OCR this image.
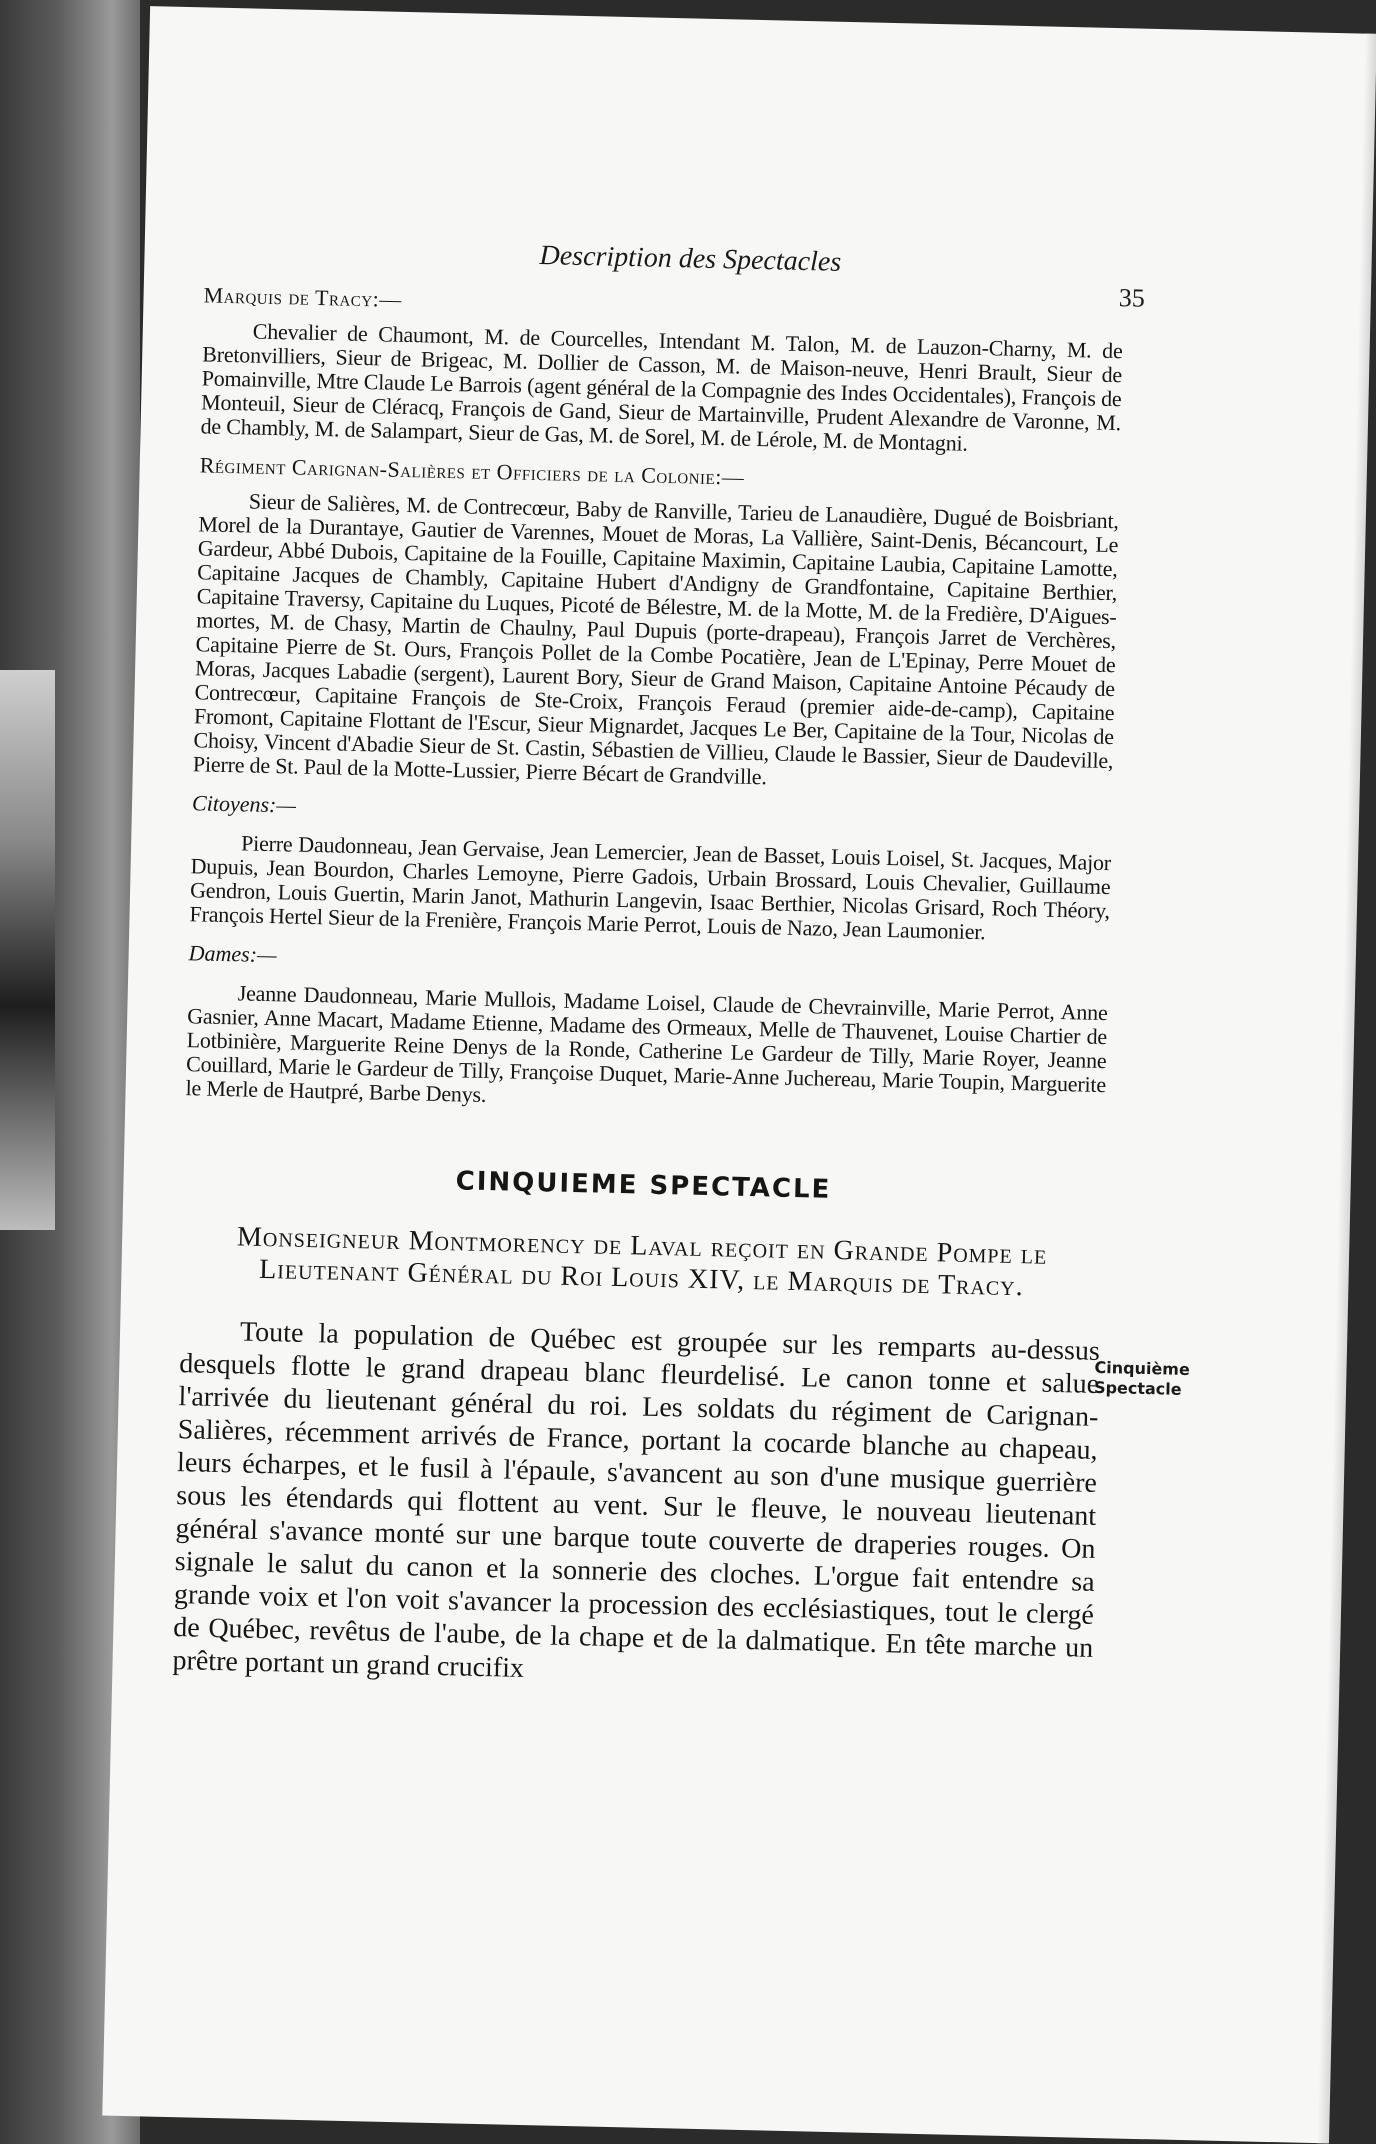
Description des Spectacles
35
Cinquième
Spectacle
Marquis de Tracy:—

Chevalier de Chaumont, M. de Courcelles, Intendant M. Talon, M. de Lauzon-Charny, M. de Bretonvilliers, Sieur de Brigeac, M. Dollier de Casson, M. de Maison-neuve, Henri Brault, Sieur de Pomainville, Mtre Claude Le Barrois (agent général de la Compagnie des Indes Occidentales), François de Monteuil, Sieur de Cléracq, François de Gand, Sieur de Martainville, Prudent Alexandre de Varonne, M. de Chambly, M. de Salampart, Sieur de Gas, M. de Sorel, M. de Lérole, M. de Montagni.

Régiment Carignan-Salières et Officiers de la Colonie:—

Sieur de Salières, M. de Contrecœur, Baby de Ranville, Tarieu de Lanaudière, Dugué de Boisbriant, Morel de la Durantaye, Gautier de Varennes, Mouet de Moras, La Vallière, Saint-Denis, Bécancourt, Le Gardeur, Abbé Dubois, Capitaine de la Fouille, Capitaine Maximin, Capitaine Laubia, Capitaine Lamotte, Capitaine Jacques de Chambly, Capitaine Hubert d'Andigny de Grandfontaine, Capitaine Berthier, Capitaine Traversy, Capitaine du Luques, Picoté de Bélestre, M. de la Motte, M. de la Fredière, D'Aigues-mortes, M. de Chasy, Martin de Chaulny, Paul Dupuis (porte-drapeau), François Jarret de Verchères, Capitaine Pierre de St. Ours, François Pollet de la Combe Pocatière, Jean de L'Epinay, Perre Mouet de Moras, Jacques Labadie (sergent), Laurent Bory, Sieur de Grand Maison, Capitaine Antoine Pécaudy de Contrecœur, Capitaine François de Ste-Croix, François Feraud (premier aide-de-camp), Capitaine Fromont, Capitaine Flottant de l'Escur, Sieur Mignardet, Jacques Le Ber, Capitaine de la Tour, Nicolas de Choisy, Vincent d'Abadie Sieur de St. Castin, Sébastien de Villieu, Claude le Bassier, Sieur de Daudeville, Pierre de St. Paul de la Motte-Lussier, Pierre Bécart de Grandville.

Citoyens:—

Pierre Daudonneau, Jean Gervaise, Jean Lemercier, Jean de Basset, Louis Loisel, St. Jacques, Major Dupuis, Jean Bourdon, Charles Lemoyne, Pierre Gadois, Urbain Brossard, Louis Chevalier, Guillaume Gendron, Louis Guertin, Marin Janot, Mathurin Langevin, Isaac Berthier, Nicolas Grisard, Roch Théory, François Hertel Sieur de la Frenière, François Marie Perrot, Louis de Nazo, Jean Laumonier.

Dames:—

Jeanne Daudonneau, Marie Mullois, Madame Loisel, Claude de Chevrainville, Marie Perrot, Anne Gasnier, Anne Macart, Madame Etienne, Madame des Ormeaux, Melle de Thauvenet, Louise Chartier de Lotbinière, Marguerite Reine Denys de la Ronde, Catherine Le Gardeur de Tilly, Marie Royer, Jeanne Couillard, Marie le Gardeur de Tilly, Françoise Duquet, Marie-Anne Juchereau, Marie Toupin, Marguerite le Merle de Hautpré, Barbe Denys.

CINQUIEME SPECTACLE
Monseigneur Montmorency de Laval reçoit en Grande Pompe le Lieutenant Général du Roi Louis XIV, le Marquis de Tracy.

Toute la population de Québec est groupée sur les remparts au-dessus desquels flotte le grand drapeau blanc fleurdelisé. Le canon tonne et salue l'arrivée du lieutenant général du roi. Les soldats du régiment de Carignan-Salières, récemment arrivés de France, portant la cocarde blanche au chapeau, leurs écharpes, et le fusil à l'épaule, s'avancent au son d'une musique guerrière sous les étendards qui flottent au vent. Sur le fleuve, le nouveau lieutenant général s'avance monté sur une barque toute couverte de draperies rouges. On signale le salut du canon et la sonnerie des cloches. L'orgue fait entendre sa grande voix et l'on voit s'avancer la procession des ecclésiastiques, tout le clergé de Québec, revêtus de l'aube, de la chape et de la dalmatique. En tête marche un prêtre portant un grand crucifix
